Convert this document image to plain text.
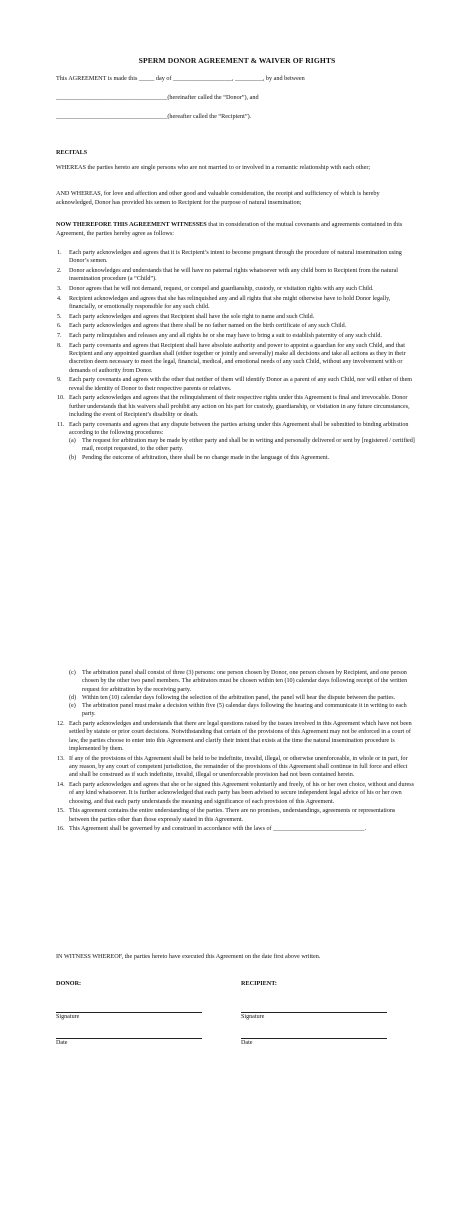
SPERM DONOR AGREEMENT & WAIVER OF RIGHTS
This AGREEMENT is made this _____ day of ___________________, _________, by and between
____________________________________(hereinafter called the “Donor”), and
____________________________________(hereafter called the “Recipient”).
RECITALS
WHEREAS the parties hereto are single persons who are not married to or involved in a romantic relationship with each other;
AND WHEREAS, for love and affection and other good and valuable consideration, the receipt and sufficiency of which is hereby acknowledged, Donor has provided his semen to Recipient for the purpose of natural insemination;
NOW THEREFORE THIS AGREEMENT WITNESSES that in consideration of the mutual covenants and agreements contained in this Agreement, the parties hereby agree as follows:
1. Each party acknowledges and agrees that it is Recipient’s intent to become pregnant through the procedure of natural insemination using Donor’s semen.
2. Donor acknowledges and understands that he will have no paternal rights whatsoever with any child born to Recipient from the natural insemination procedure (a “Child”).
3. Donor agrees that he will not demand, request, or compel and guardianship, custody, or visitation rights with any such Child.
4. Recipient acknowledges and agrees that she has relinquished any and all rights that she might otherwise have to hold Donor legally, financially, or emotionally responsible for any such child.
5. Each party acknowledges and agrees that Recipient shall have the sole right to name and such Child.
6. Each party acknowledges and agrees that there shall be no father named on the birth certificate of any such Child.
7. Each party relinquishes and releases any and all rights he or she may have to bring a suit to establish paternity of any such child.
8. Each party covenants and agrees that Recipient shall have absolute authority and power to appoint a guardian for any such Child, and that Recipient and any appointed guardian shall (either together or jointly and severally) make all decisions and take all actions as they in their discretion deem necessary to meet the legal, financial, medical, and emotional needs of any such Child, without any involvement with or demands of authority from Donor.
9. Each party covenants and agrees with the other that neither of them will identify Donor as a parent of any such Child, nor will either of them reveal the identity of Donor to their respective parents or relatives.
10. Each party acknowledges and agrees that the relinquishment of their respective rights under this Agreement is final and irrevocable. Donor further understands that his waivers shall prohibit any action on his part for custody, guardianship, or visitation in any future circumstances, including the event of Recipient’s disability or death.
11. Each party covenants and agrees that any dispute between the parties arising under this Agreement shall be submitted to binding arbitration according to the following procedures:
(a) The request for arbitration may be made by either party and shall be in writing and personally delivered or sent by [registered / certified] mail, receipt requested, to the other party.
(b) Pending the outcome of arbitration, there shall be no change made in the language of this Agreement.
(c) The arbitration panel shall consist of three (3) persons: one person chosen by Donor, one person chosen by Recipient, and one person chosen by the other two panel members. The arbitrators must be chosen within ten (10) calendar days following receipt of the written request for arbitration by the receiving party.
(d) Within ten (10) calendar days following the selection of the arbitration panel, the panel will hear the dispute between the parties.
(e) The arbitration panel must make a decision within five (5) calendar days following the hearing and communicate it in writing to each party.
12. Each party acknowledges and understands that there are legal questions raised by the issues involved in this Agreement which have not been settled by statute or prior court decisions. Notwithstanding that certain of the provisions of this Agreement may not be enforced in a court of law, the parties choose to enter into this Agreement and clarify their intent that exists at the time the natural insemination procedure is implemented by them.
13. If any of the provisions of this Agreement shall be held to be indefinite, invalid, illegal, or otherwise unenforceable, in whole or in part, for any reason, by any court of competent jurisdiction, the remainder of the provisions of this Agreement shall continue in full force and effect and shall be construed as if such indefinite, invalid, illegal or unenforceable provision had not been contained herein.
14. Each party acknowledges and agrees that she or he signed this Agreement voluntarily and freely, of his or her own choice, without and duress of any kind whatsoever. It is further acknowledged that each party has been advised to secure independent legal advice of his or her own choosing, and that each party understands the meaning and significance of each provision of this Agreement.
15. This agreement contains the entire understanding of the parties. There are no promises, understandings, agreements or representations between the parties other than those expressly stated in this Agreement.
16. This Agreement shall be governed by and construed in accordance with the laws of ______________________________.
IN WITNESS WHEREOF, the parties hereto have executed this Agreement on the date first above written.
DONOR:	RECIPIENT:
Signature	Signature
Date	Date
